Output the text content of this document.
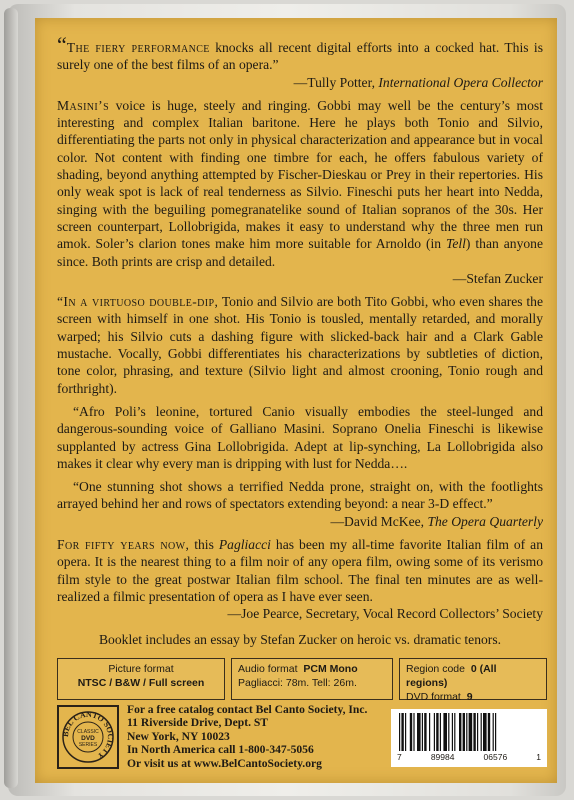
“The fiery performance knocks all recent digital efforts into a cocked hat. This is surely one of the best films of an opera.”
—Tully Potter, International Opera Collector

Masini’s voice is huge, steely and ringing. Gobbi may well be the century’s most interesting and complex Italian baritone. Here he plays both Tonio and Silvio, differentiating the parts not only in physical characterization and appearance but in vocal color. Not content with finding one timbre for each, he offers fabulous variety of shading, beyond anything attempted by Fischer-Dieskau or Prey in their repertories. His only weak spot is lack of real tenderness as Silvio. Fineschi puts her heart into Nedda, singing with the beguiling pomegranatelike sound of Italian sopranos of the 30s. Her screen counterpart, Lollobrigida, makes it easy to understand why the three men run amok. Soler’s clarion tones make him more suitable for Arnoldo (in Tell) than anyone since. Both prints are crisp and detailed.
—Stefan Zucker

“In a virtuoso double-dip, Tonio and Silvio are both Tito Gobbi, who even shares the screen with himself in one shot. His Tonio is tousled, mentally retarded, and morally warped; his Silvio cuts a dashing figure with slicked-back hair and a Clark Gable mustache. Vocally, Gobbi differentiates his characterizations by subtleties of diction, tone color, phrasing, and texture (Silvio light and almost crooning, Tonio rough and forthright).

“Afro Poli’s leonine, tortured Canio visually embodies the steel-lunged and dangerous-sounding voice of Galliano Masini. Soprano Onelia Fineschi is likewise supplanted by actress Gina Lollobrigida. Adept at lip-synching, La Lollobrigida also makes it clear why every man is dripping with lust for Nedda….

“One stunning shot shows a terrified Nedda prone, straight on, with the footlights arrayed behind her and rows of spectators extending beyond: a near 3-D effect.”
—David McKee, The Opera Quarterly

For fifty years now, this Pagliacci has been my all-time favorite Italian film of an opera. It is the nearest thing to a film noir of any opera film, owing some of its verismo film style to the great postwar Italian film school. The final ten minutes are as well-realized a filmic presentation of opera as I have ever seen.
—Joe Pearce, Secretary, Vocal Record Collectors’ Society

Booklet includes an essay by Stefan Zucker on heroic vs. dramatic tenors.
Picture format
NTSC / B&W / Full screen
Audio format PCM Mono
Pagliacci: 78m. Tell: 26m.
Region code 0 (All regions)
DVD format 9
BEL CANTO SOCIETY
CLASSIC
DVD
SERIES
For a free catalog contact Bel Canto Society, Inc.
11 Riverside Drive, Dept. ST
New York, NY 10023
In North America call 1-800-347-5056
Or visit us at www.BelCantoSociety.org	7	89984	06576	1
